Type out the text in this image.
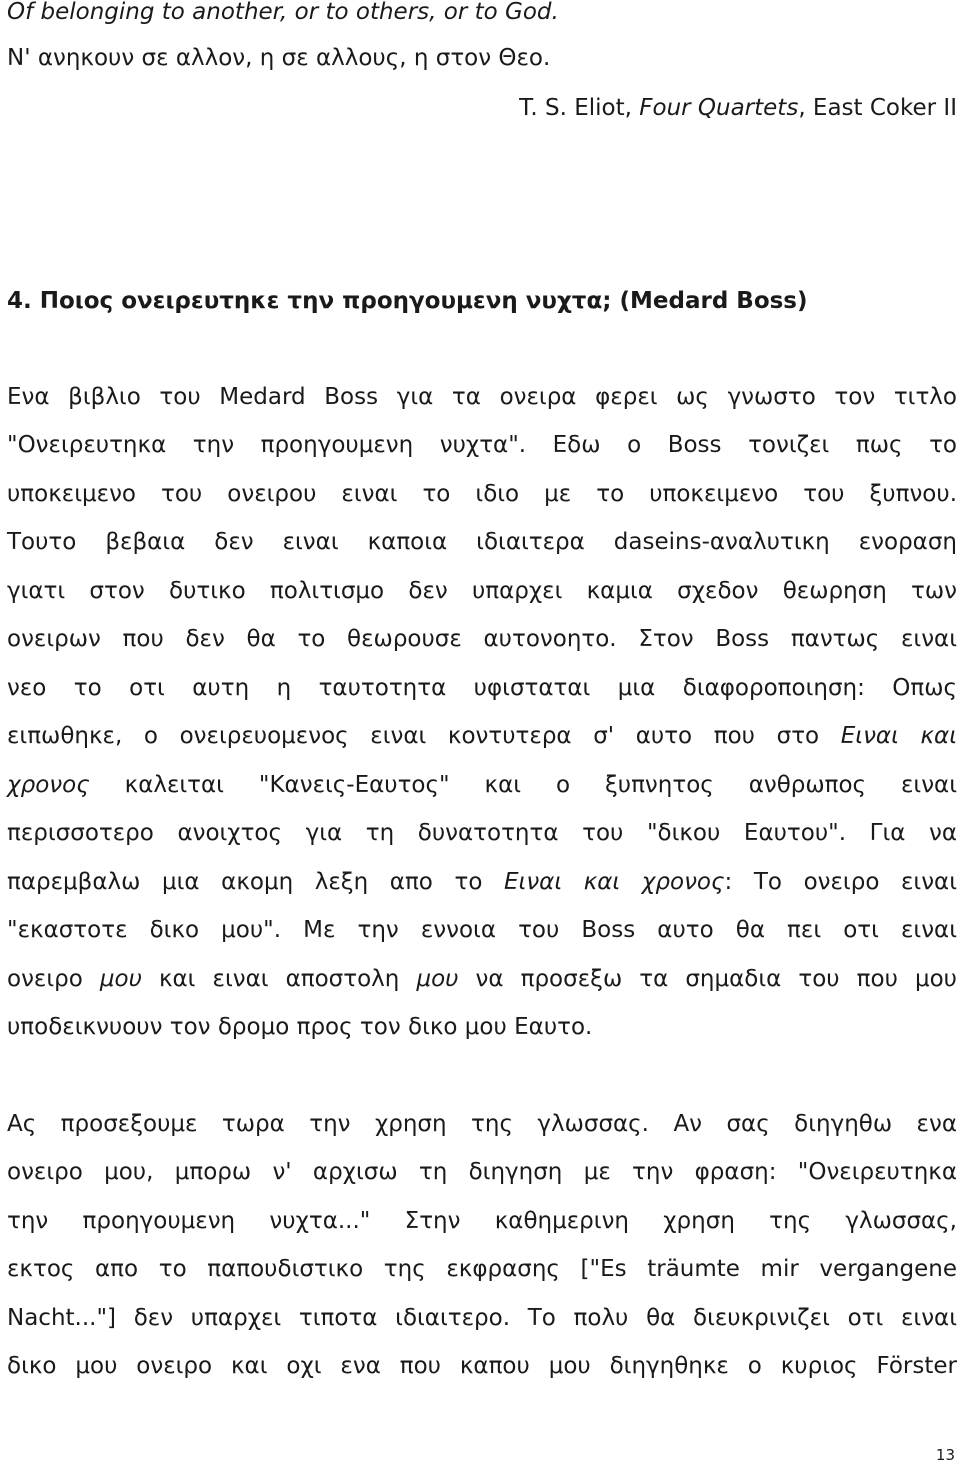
Of belonging to another, or to others, or to God.
Ν' ανηκουν σε αλλον, η σε αλλους, η στον Θεο.
T. S. Eliot, Four Quartets, East Coker II
4. Ποιος ονειρευτηκε την προηγουμενη νυχτα; (Medard Boss)
Ενα βιβλιο του Medard Boss για τα ονειρα φερει ως γνωστο τον τιτλο
"Ονειρευτηκα την προηγουμενη νυχτα". Εδω ο Boss τονιζει πως το
υποκειμενο του ονειρου ειναι το ιδιο με το υποκειμενο του ξυπνου.
Τουτο βεβαια δεν ειναι καποια ιδιαιτερα daseins-αναλυτικη ενοραση
γιατι στον δυτικο πολιτισμο δεν υπαρχει καμια σχεδον θεωρηση των
ονειρων που δεν θα το θεωρουσε αυτονοητο. Στον Boss παντως ειναι
νεο το οτι αυτη η ταυτοτητα υφισταται μια διαφοροποιηση: Οπως
ειπωθηκε, ο ονειρευομενος ειναι κοντυτερα σ' αυτο που στο Ειναι και
χρονος καλειται "Κανεις-Εαυτος" και ο ξυπνητος ανθρωπος ειναι
περισσοτερο ανοιχτος για τη δυνατοτητα του "δικου Εαυτου". Για να
παρεμβαλω μια ακομη λεξη απο το Ειναι και χρονος: Το ονειρο ειναι
"εκαστοτε δικο μου". Με την εννοια του Boss αυτο θα πει οτι ειναι
ονειρο μου και ειναι αποστολη μου να προσεξω τα σημαδια του που μου
υποδεικνυουν τον δρομο προς τον δικο μου Εαυτο.
Ας προσεξουμε τωρα την χρηση της γλωσσας. Αν σας διηγηθω ενα
ονειρο μου, μπορω ν' αρχισω τη διηγηση με την φραση: "Ονειρευτηκα
την προηγουμενη νυχτα..." Στην καθημερινη χρηση της γλωσσας,
εκτος απο το παπουδιστικο της εκφρασης ["Es träumte mir vergangene
Nacht..."] δεν υπαρχει τιποτα ιδιαιτερο. Το πολυ θα διευκρινιζει οτι ειναι
δικο μου ονειρο και οχι ενα που καπου μου διηγηθηκε ο κυριος Förster
13
